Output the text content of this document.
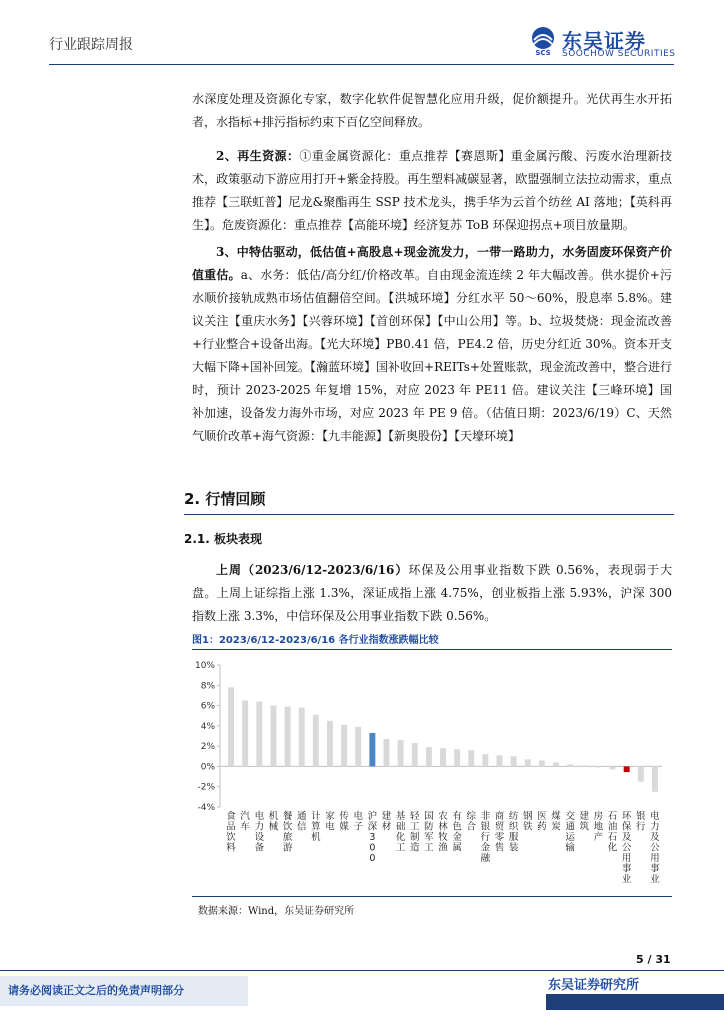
行业跟踪周报	SCS 东吴证券
SOOCHOW SECURITIES

水深度处理及资源化专家，数字化软件促智慧化应用升级，促价额提升。光伏再生水开拓者，水指标+排污指标约束下百亿空间释放。

2、再生资源：①重金属资源化：重点推荐【赛恩斯】重金属污酸、污废水治理新技术，政策驱动下游应用打开+紫金持股。再生塑料减碳显著，欧盟强制立法拉动需求，重点推荐【三联虹普】尼龙&聚酯再生 SSP 技术龙头，携手华为云首个纺丝 AI 落地；【英科再生】。危废资源化：重点推荐【高能环境】经济复苏 ToB 环保迎拐点+项目放量期。

3、中特估驱动，低估值+高股息+现金流发力，一带一路助力，水务固废环保资产价值重估。a、水务：低估/高分红/价格改革。自由现金流连续 2 年大幅改善。供水提价+污水顺价接轨成熟市场估值翻倍空间。【洪城环境】分红水平 50～60%，股息率 5.8%。建议关注【重庆水务】【兴蓉环境】【首创环保】【中山公用】等。b、垃圾焚烧：现金流改善+行业整合+设备出海。【光大环境】PB0.41 倍，PE4.2 倍，历史分红近 30%。资本开支大幅下降+国补回笼。【瀚蓝环境】国补收回+REITs+处置账款，现金流改善中，整合进行时，预计 2023-2025 年复增 15%，对应 2023 年 PE11 倍。建议关注【三峰环境】国补加速，设备发力海外市场，对应 2023 年 PE 9 倍。（估值日期：2023/6/19）C、天然气顺价改革+海气资源：【九丰能源】【新奥股份】【天壕环境】

2. 行情回顾
2.1. 板块表现

上周（2023/6/12-2023/6/16）环保及公用事业指数下跌 0.56%，表现弱于大盘。上周上证综指上涨 1.3%，深证成指上涨 4.75%，创业板指上涨 5.93%，沪深 300 指数上涨 3.3%，中信环保及公用事业指数下跌 0.56%。

图1：2023/6/12-2023/6/16 各行业指数涨跌幅比较
-4%
-2%
0%
2%
4%
6%
8%
10%
食
品
饮
料
汽
车
电
力
设
备
机
械
餐
饮
旅
游
通
信
计
算
机
家
电
传
媒
电
子
沪
深
3
0
0
建
材
基
础
化
工
轻
工
制
造
国
防
军
工
农
林
牧
渔
有
色
金
属
综
合
非
银
行
金
融
商
贸
零
售
纺
织
服
装
钢
铁
医
药
煤
炭
交
通
运
输
建
筑
房
地
产
石
油
石
化
环
保
及
公
用
事
业
银
行
电
力
及
公
用
事
业
数据来源：Wind，东吴证券研究所
5 / 31
请务必阅读正文之后的免责声明部分	东吴证券研究所
